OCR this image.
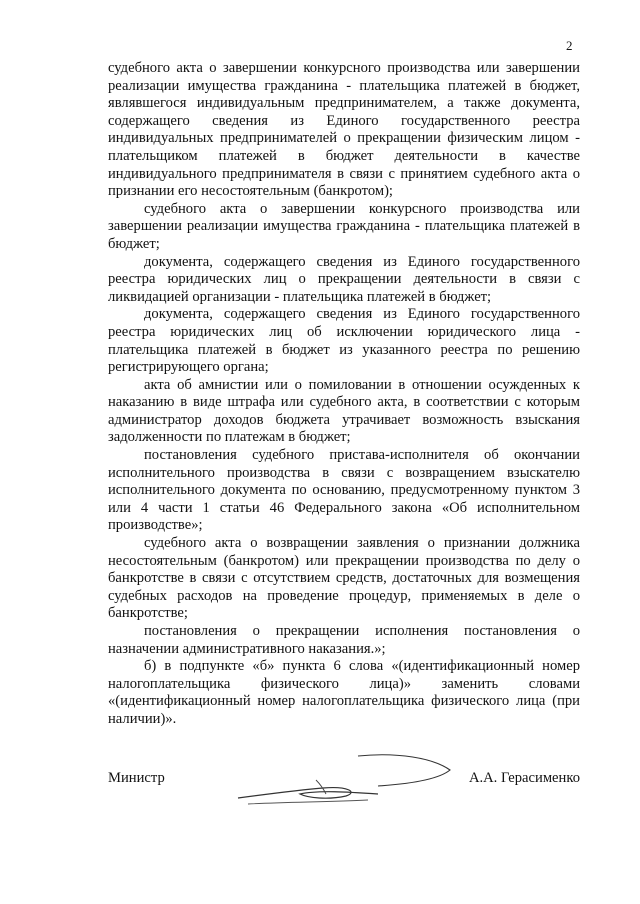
2

судебного акта о завершении конкурсного производства или завершении реализации имущества гражданина - плательщика платежей в бюджет, являвшегося индивидуальным предпринимателем, а также документа, содержащего сведения из Единого государственного реестра индивидуальных предпринимателей о прекращении физическим лицом - плательщиком платежей в бюджет деятельности в качестве индивидуального предпринимателя в связи с принятием судебного акта о признании его несостоятельным (банкротом);

судебного акта о завершении конкурсного производства или завершении реализации имущества гражданина - плательщика платежей в бюджет;

документа, содержащего сведения из Единого государственного реестра юридических лиц о прекращении деятельности в связи с ликвидацией организации - плательщика платежей в бюджет;

документа, содержащего сведения из Единого государственного реестра юридических лиц об исключении юридического лица - плательщика платежей в бюджет из указанного реестра по решению регистрирующего органа;

акта об амнистии или о помиловании в отношении осужденных к наказанию в виде штрафа или судебного акта, в соответствии с которым администратор доходов бюджета утрачивает возможность взыскания задолженности по платежам в бюджет;

постановления судебного пристава-исполнителя об окончании исполнительного производства в связи с возвращением взыскателю исполнительного документа по основанию, предусмотренному пунктом 3 или 4 части 1 статьи 46 Федерального закона «Об исполнительном производстве»;

судебного акта о возвращении заявления о признании должника несостоятельным (банкротом) или прекращении производства по делу о банкротстве в связи с отсутствием средств, достаточных для возмещения судебных расходов на проведение процедур, применяемых в деле о банкротстве;

постановления о прекращении исполнения постановления о назначении административного наказания.»;

б) в подпункте «б» пункта 6 слова «(идентификационный номер налогоплательщика физического лица)» заменить словами «(идентификационный номер налогоплательщика физического лица (при наличии)».

Министр	А.А. Герасименко
